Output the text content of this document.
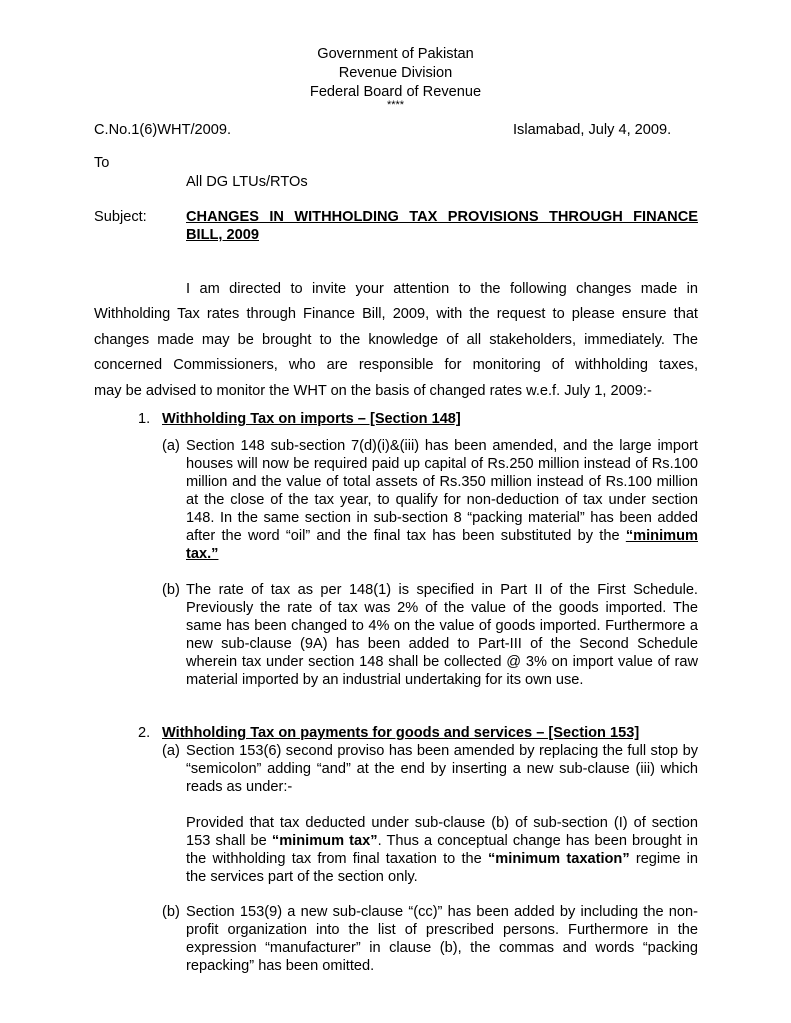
Government of Pakistan
Revenue Division
Federal Board of Revenue
****
C.No.1(6)WHT/2009.	Islamabad, July 4, 2009.
To
All DG LTUs/RTOs
Subject:	CHANGES IN WITHHOLDING TAX PROVISIONS THROUGH FINANCE
BILL, 2009
I am directed to invite your attention to the following changes made in
Withholding Tax rates through Finance Bill, 2009, with the request to please ensure that
changes made may be brought to the knowledge of all stakeholders, immediately. The
concerned Commissioners, who are responsible for monitoring of withholding taxes,
may be advised to monitor the WHT on the basis of changed rates w.e.f. July 1, 2009:-
1. Withholding Tax on imports – [Section 148]
(a) Section 148 sub-section 7(d)(i)&(iii) has been amended, and the large import houses will now be required paid up capital of Rs.250 million instead of Rs.100 million and the value of total assets of Rs.350 million instead of Rs.100 million at the close of the tax year, to qualify for non-deduction of tax under section 148. In the same section in sub-section 8 “packing material” has been added after the word “oil” and the final tax has been substituted by the “minimum tax.”

(b) The rate of tax as per 148(1) is specified in Part II of the First Schedule. Previously the rate of tax was 2% of the value of the goods imported. The same has been changed to 4% on the value of goods imported. Furthermore a new sub-clause (9A) has been added to Part-III of the Second Schedule wherein tax under section 148 shall be collected @ 3% on import value of raw material imported by an industrial undertaking for its own use.

2. Withholding Tax on payments for goods and services – [Section 153]
(a) Section 153(6) second proviso has been amended by replacing the full stop by “semicolon” adding “and” at the end by inserting a new sub-clause (iii) which reads as under:-

Provided that tax deducted under sub-clause (b) of sub-section (I) of section 153 shall be “minimum tax”. Thus a conceptual change has been brought in the withholding tax from final taxation to the “minimum taxation” regime in the services part of the section only.

(b) Section 153(9) a new sub-clause “(cc)” has been added by including the non-profit organization into the list of prescribed persons. Furthermore in the expression “manufacturer” in clause (b), the commas and words “packing repacking” has been omitted.
